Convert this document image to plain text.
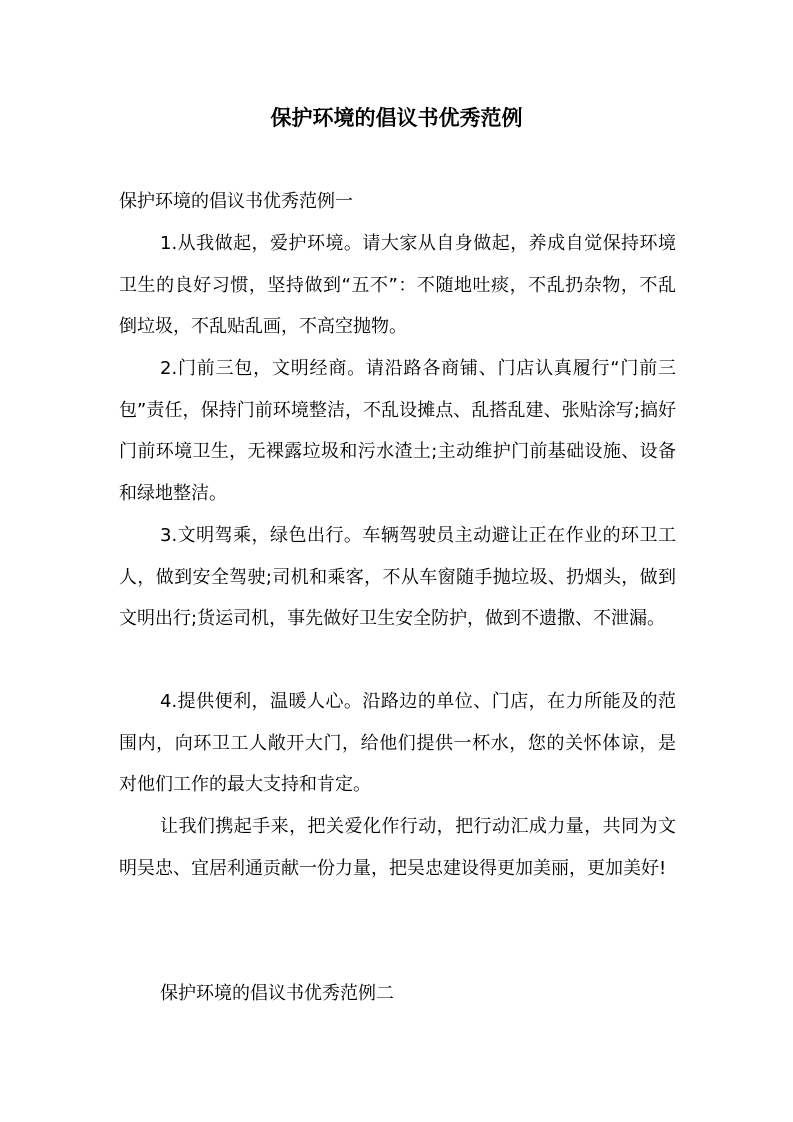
保护环境的倡议书优秀范例
保护环境的倡议书优秀范例一

1.从我做起，爱护环境。请大家从自身做起，养成自觉保持环境卫生的良好习惯，坚持做到“五不”：不随地吐痰，不乱扔杂物，不乱倒垃圾，不乱贴乱画，不高空抛物。

2.门前三包，文明经商。请沿路各商铺、门店认真履行“门前三包”责任，保持门前环境整洁，不乱设摊点、乱搭乱建、张贴涂写;搞好门前环境卫生，无裸露垃圾和污水渣土;主动维护门前基础设施、设备和绿地整洁。

3.文明驾乘，绿色出行。车辆驾驶员主动避让正在作业的环卫工人，做到安全驾驶;司机和乘客，不从车窗随手抛垃圾、扔烟头，做到文明出行;货运司机，事先做好卫生安全防护，做到不遗撒、不泄漏。

4.提供便利，温暖人心。沿路边的单位、门店，在力所能及的范围内，向环卫工人敞开大门，给他们提供一杯水，您的关怀体谅，是对他们工作的最大支持和肯定。

让我们携起手来，把关爱化作行动，把行动汇成力量，共同为文明吴忠、宜居利通贡献一份力量，把吴忠建设得更加美丽，更加美好!

保护环境的倡议书优秀范例二
